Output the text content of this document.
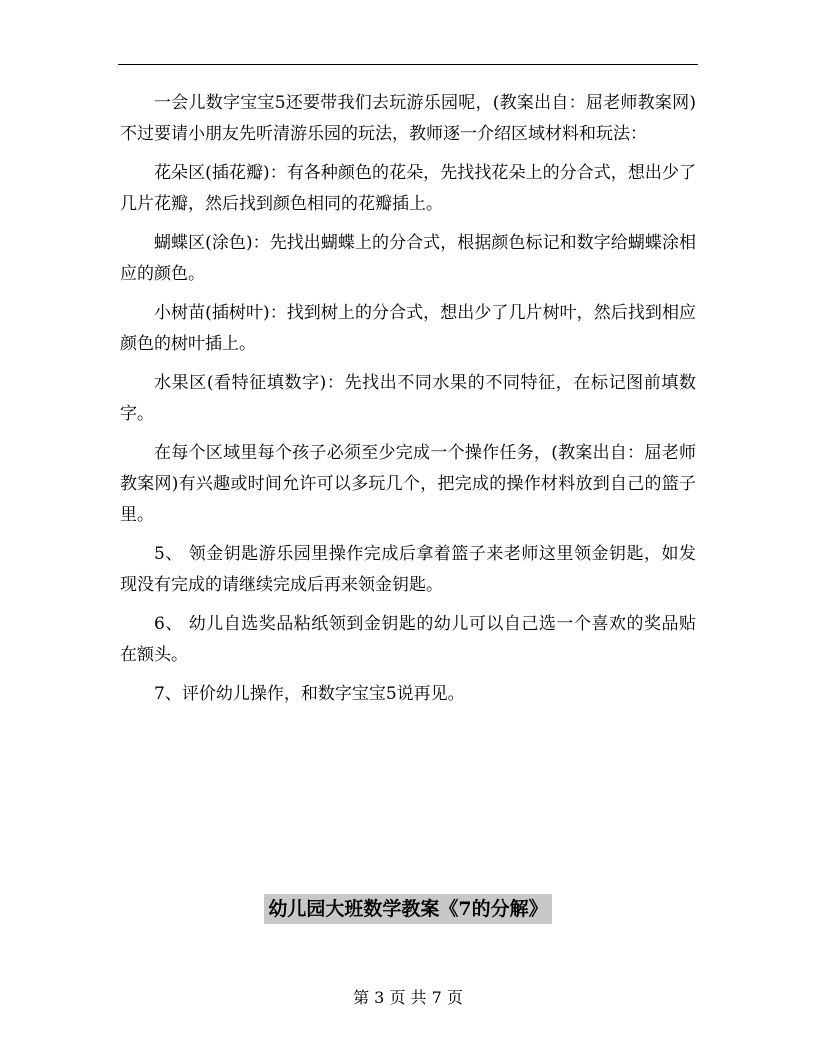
一会儿数字宝宝5还要带我们去玩游乐园呢，(教案出自：屈老师教案网)不过要请小朋友先听清游乐园的玩法，教师逐一介绍区域材料和玩法：

花朵区(插花瓣)：有各种颜色的花朵，先找找花朵上的分合式，想出少了几片花瓣，然后找到颜色相同的花瓣插上。

蝴蝶区(涂色)：先找出蝴蝶上的分合式，根据颜色标记和数字给蝴蝶涂相应的颜色。

小树苗(插树叶)：找到树上的分合式，想出少了几片树叶，然后找到相应颜色的树叶插上。

水果区(看特征填数字)：先找出不同水果的不同特征，在标记图前填数字。

在每个区域里每个孩子必须至少完成一个操作任务，(教案出自：屈老师教案网)有兴趣或时间允许可以多玩几个，把完成的操作材料放到自己的篮子里。

5、 领金钥匙游乐园里操作完成后拿着篮子来老师这里领金钥匙，如发现没有完成的请继续完成后再来领金钥匙。

6、 幼儿自选奖品粘纸领到金钥匙的幼儿可以自己选一个喜欢的奖品贴在额头。

7、评价幼儿操作，和数字宝宝5说再见。

幼儿园大班数学教案《7的分解》
第 3 页 共 7 页
